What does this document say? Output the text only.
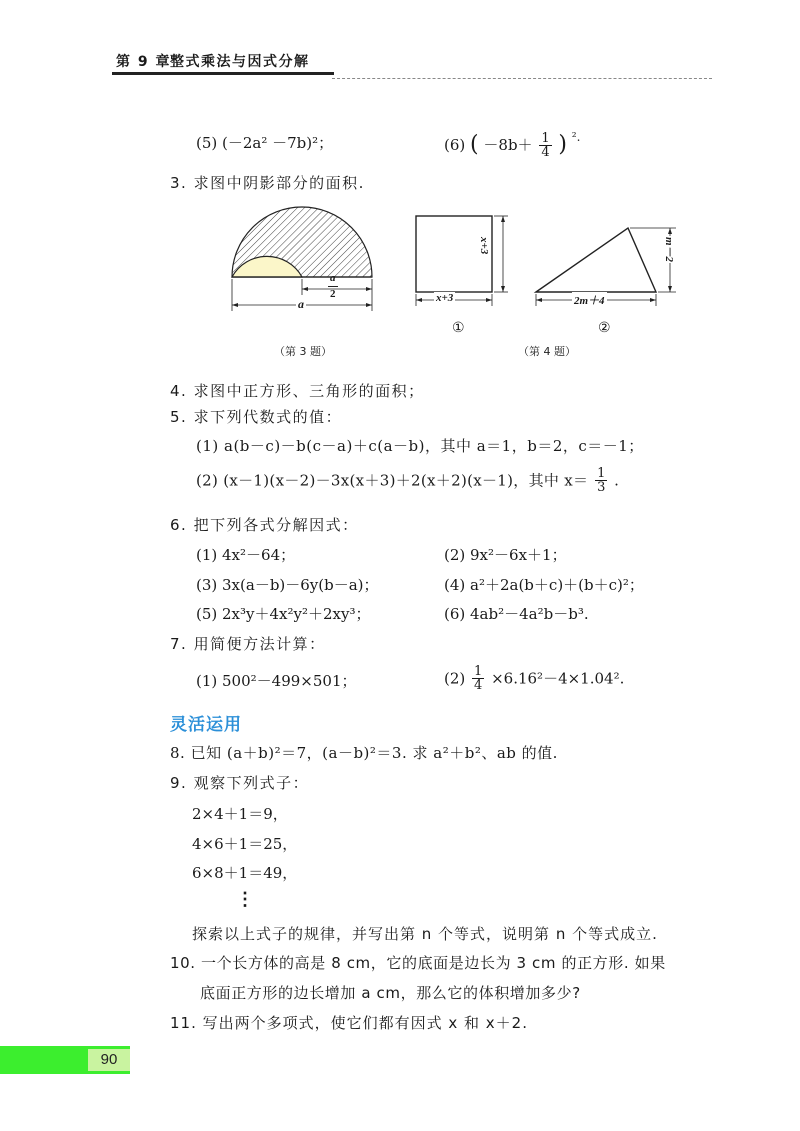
第 9 章 整式乘法与因式分解
(5) (－2a² －7b)²；	(6) ( $-8b+ \frac{1}{4}$ ) $^{^2.}$
3. 求图中阴影部分的面积.
a
2
a
（第 3 题）
x+3
x+3
2m＋4
m－2
①	②
（第 4 题）
4. 求图中正方形、三角形的面积；
5. 求下列代数式的值：
(1) a(b－c)－b(c－a)＋c(a－b)，其中 a＝1，b＝2，c＝－1；
(2) (x－1)(x－2)－3x(x＋3)＋2(x＋2)(x－1)，其中 $x= \frac{1}{3}$ .
6. 把下列各式分解因式：
(1) 4x²－64；	(2) 9x²－6x＋1；
(3) 3x(a－b)－6y(b－a)；	(4) a²＋2a(b＋c)＋(b＋c)²；
(5) 2x³y＋4x²y²＋2xy³；	(6) 4ab²－4a²b－b³.
7. 用简便方法计算：
(1) 500²－499×501；	$(2) \frac{1}{4} \times 6.16^2-4\times 1.04^2$.
灵活运用
8. 已知 (a＋b)²＝7，(a－b)²＝3. 求 a²＋b²、ab 的值.
9. 观察下列式子：
2×4＋1＝9，
4×6＋1＝25，
6×8＋1＝49，
⋮
探索以上式子的规律，并写出第 n 个等式，说明第 n 个等式成立.
10. 一个长方体的高是 8 cm，它的底面是边长为 3 cm 的正方形. 如果
底面正方形的边长增加 a cm，那么它的体积增加多少?
11. 写出两个多项式，使它们都有因式 x 和 x＋2.
90
